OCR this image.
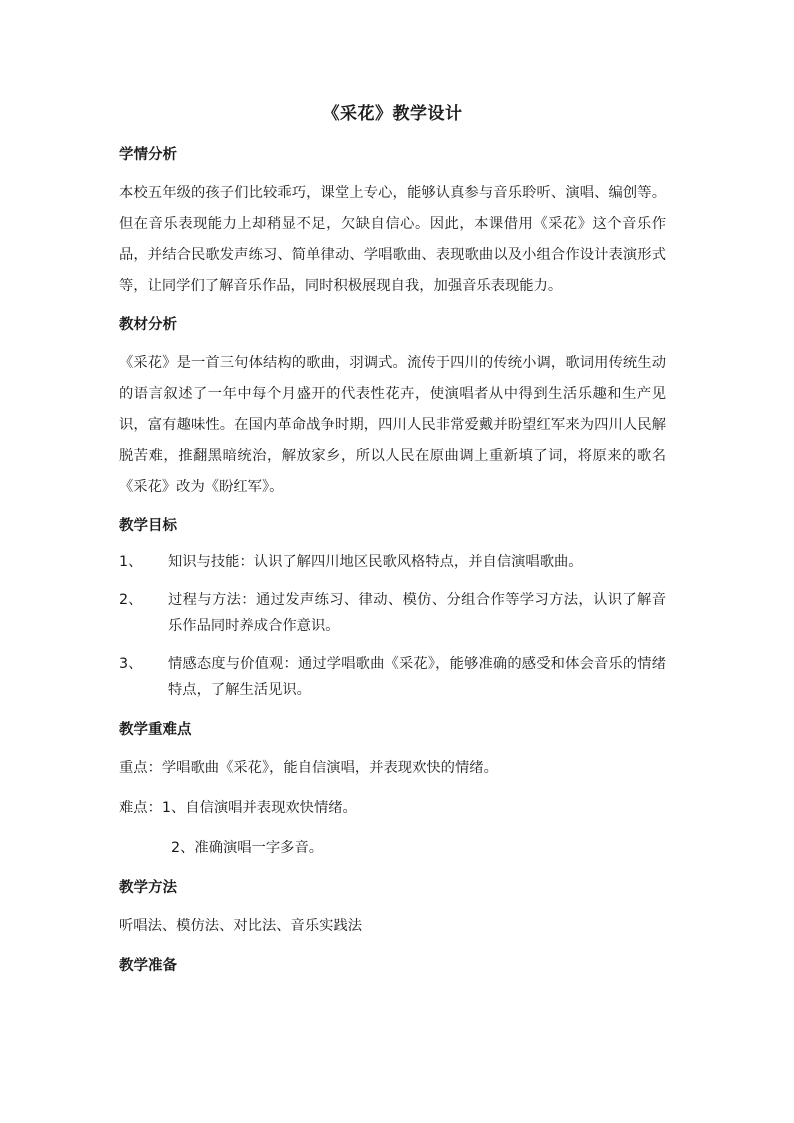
《采花》教学设计
学情分析
本校五年级的孩子们比较乖巧，课堂上专心，能够认真参与音乐聆听、演唱、编创等。但在音乐表现能力上却稍显不足，欠缺自信心。因此，本课借用《采花》这个音乐作品，并结合民歌发声练习、简单律动、学唱歌曲、表现歌曲以及小组合作设计表演形式等，让同学们了解音乐作品，同时积极展现自我，加强音乐表现能力。
教材分析
《采花》是一首三句体结构的歌曲，羽调式。流传于四川的传统小调，歌词用传统生动的语言叙述了一年中每个月盛开的代表性花卉，使演唱者从中得到生活乐趣和生产见识，富有趣味性。在国内革命战争时期，四川人民非常爱戴并盼望红军来为四川人民解脱苦难，推翻黑暗统治，解放家乡，所以人民在原曲调上重新填了词，将原来的歌名《采花》改为《盼红军》。
教学目标
1、	知识与技能：认识了解四川地区民歌风格特点，并自信演唱歌曲。
2、	过程与方法：通过发声练习、律动、模仿、分组合作等学习方法，认识了解音乐作品同时养成合作意识。
3、	情感态度与价值观：通过学唱歌曲《采花》，能够准确的感受和体会音乐的情绪特点，了解生活见识。
教学重难点
重点：学唱歌曲《采花》，能自信演唱，并表现欢快的情绪。
难点：1、自信演唱并表现欢快情绪。
2、准确演唱一字多音。
教学方法
听唱法、模仿法、对比法、音乐实践法
教学准备
